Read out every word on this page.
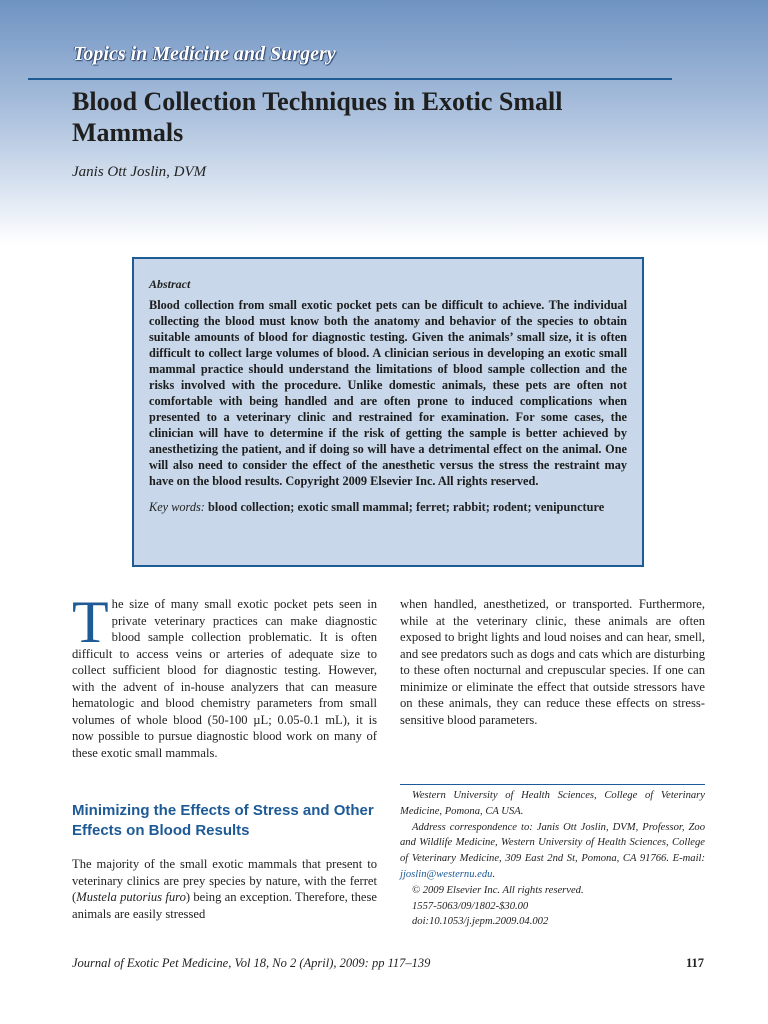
Topics in Medicine and Surgery

Blood Collection Techniques in Exotic Small Mammals

Janis Ott Joslin, DVM

Abstract

Blood collection from small exotic pocket pets can be difficult to achieve. The individual collecting the blood must know both the anatomy and behavior of the species to obtain suitable amounts of blood for diagnostic testing. Given the animals’ small size, it is often difficult to collect large volumes of blood. A clinician serious in developing an exotic small mammal practice should understand the limitations of blood sample collection and the risks involved with the procedure. Unlike domestic animals, these pets are often not comfortable with being handled and are often prone to induced complications when presented to a veterinary clinic and restrained for examination. For some cases, the clinician will have to determine if the risk of getting the sample is better achieved by anesthetizing the patient, and if doing so will have a detrimental effect on the animal. One will also need to consider the effect of the anesthetic versus the stress the restraint may have on the blood results. Copyright 2009 Elsevier Inc. All rights reserved.

Key words: blood collection; exotic small mammal; ferret; rabbit; rodent; venipuncture

The size of many small exotic pocket pets seen in private veterinary practices can make diagnostic blood sample collection problematic. It is often difficult to access veins or arteries of adequate size to collect sufficient blood for diagnostic testing. However, with the advent of in-house analyzers that can measure hematologic and blood chemistry parameters from small volumes of whole blood (50-100 µL; 0.05-0.1 mL), it is now possible to pursue diagnostic blood work on many of these exotic small mammals.

Minimizing the Effects of Stress and Other Effects on Blood Results

The majority of the small exotic mammals that present to veterinary clinics are prey species by nature, with the ferret (Mustela putorius furo) being an exception. Therefore, these animals are easily stressed

when handled, anesthetized, or transported. Furthermore, while at the veterinary clinic, these animals are often exposed to bright lights and loud noises and can hear, smell, and see predators such as dogs and cats which are disturbing to these often nocturnal and crepuscular species. If one can minimize or eliminate the effect that outside stressors have on these animals, they can reduce these effects on stress-sensitive blood parameters.

Western University of Health Sciences, College of Veterinary Medicine, Pomona, CA USA.

Address correspondence to: Janis Ott Joslin, DVM, Professor, Zoo and Wildlife Medicine, Western University of Health Sciences, College of Veterinary Medicine, 309 East 2nd St, Pomona, CA 91766. E-mail: jjoslin@westernu.edu.

© 2009 Elsevier Inc. All rights reserved.

1557-5063/09/1802-$30.00

doi:10.1053/j.jepm.2009.04.002

Journal of Exotic Pet Medicine, Vol 18, No 2 (April), 2009: pp 117–139	117
